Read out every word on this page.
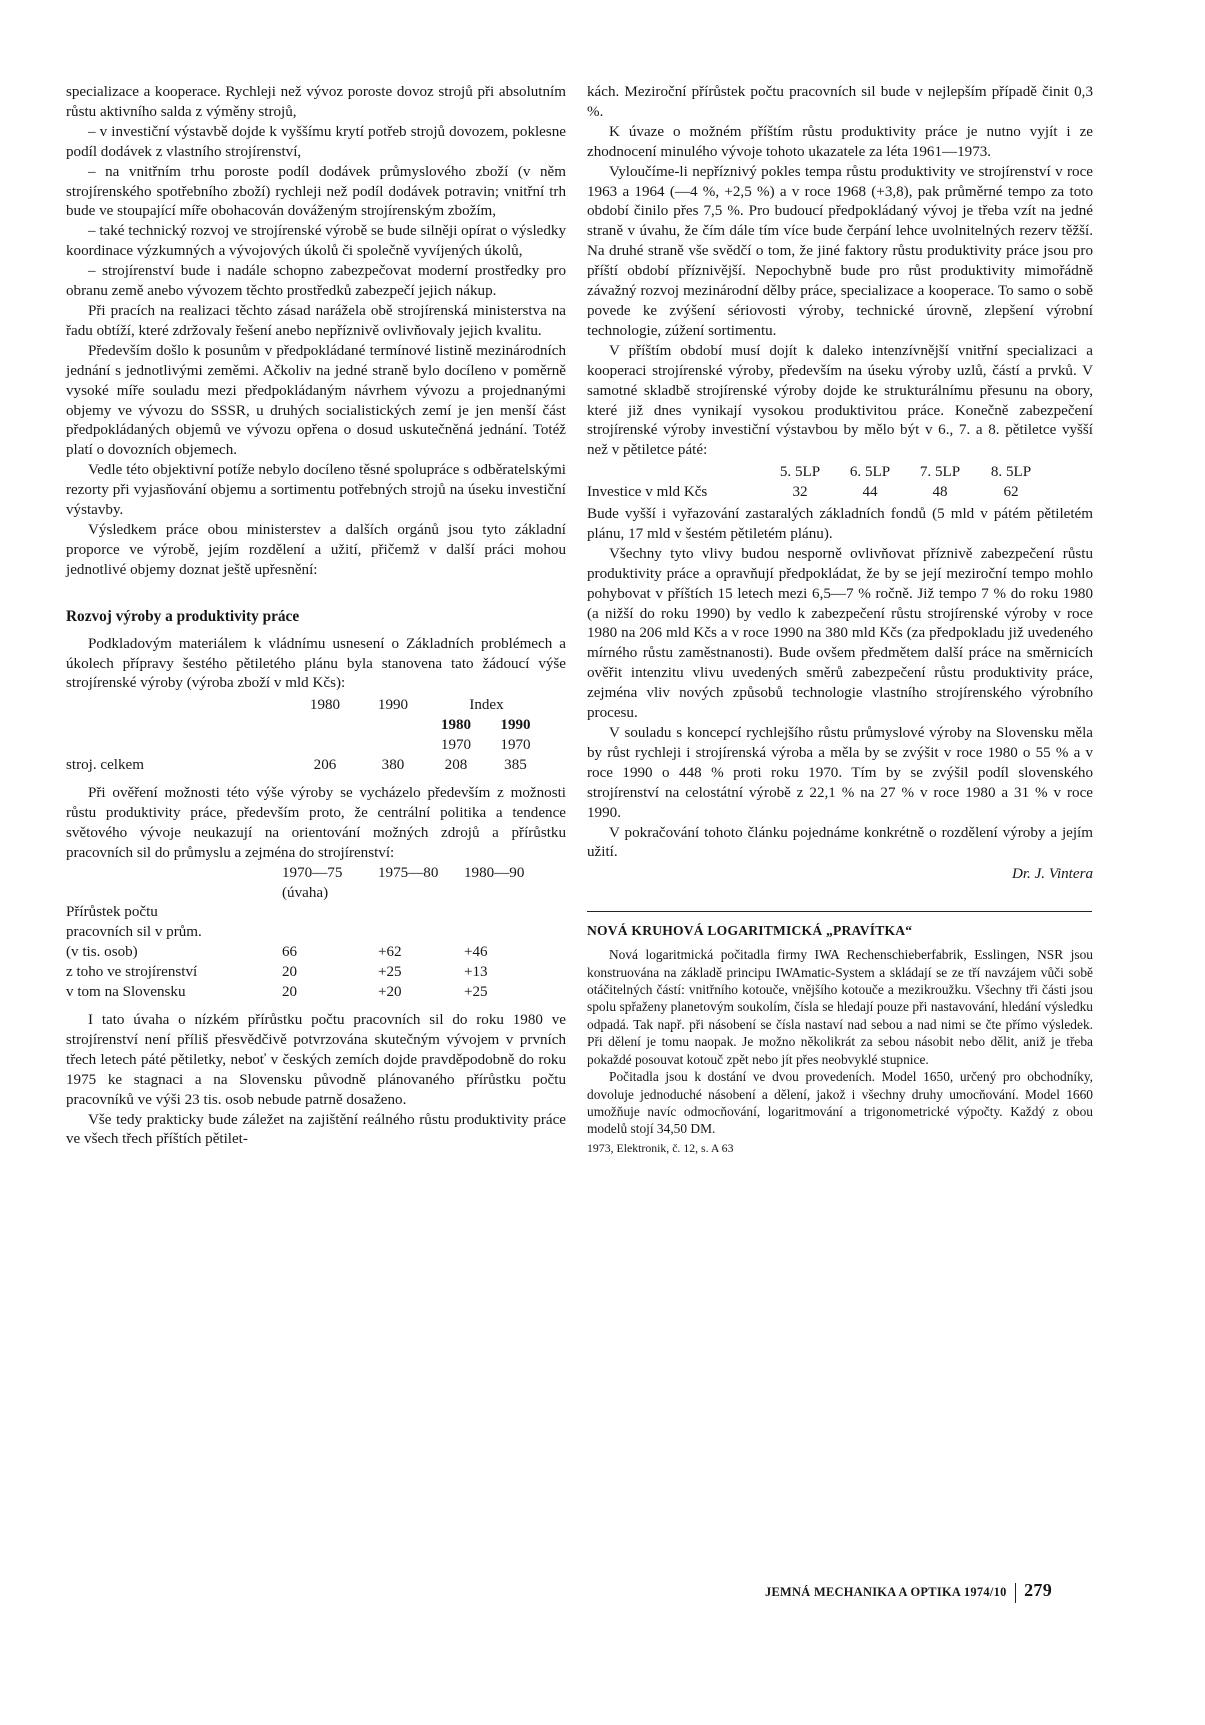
specializace a kooperace. Rychleji než vývoz poroste dovoz strojů při absolutním růstu aktivního salda z výměny strojů,

– v investiční výstavbě dojde k vyššímu krytí potřeb strojů dovozem, poklesne podíl dodávek z vlastního strojírenství,

– na vnitřním trhu poroste podíl dodávek průmyslového zboží (v něm strojírenského spotřebního zboží) rychleji než podíl dodávek potravin; vnitřní trh bude ve stoupající míře obohacován dováženým strojírenským zbožím,

– také technický rozvoj ve strojírenské výrobě se bude silněji opírat o výsledky koordinace výzkumných a vývojových úkolů či společně vyvíjených úkolů,

– strojírenství bude i nadále schopno zabezpečovat moderní prostředky pro obranu země anebo vývozem těchto prostředků zabezpečí jejich nákup.

Při pracích na realizaci těchto zásad narážela obě strojírenská ministerstva na řadu obtíží, které zdržovaly řešení anebo nepříznivě ovlivňovaly jejich kvalitu.

Především došlo k posunům v předpokládané termínové listině mezinárodních jednání s jednotlivými zeměmi. Ačkoliv na jedné straně bylo docíleno v poměrně vysoké míře souladu mezi předpokládaným návrhem vývozu a projednanými objemy ve vývozu do SSSR, u druhých socialistických zemí je jen menší část předpokládaných objemů ve vývozu opřena o dosud uskutečněná jednání. Totéž platí o dovozních objemech.

Vedle této objektivní potíže nebylo docíleno těsné spolupráce s odběratelskými rezorty při vyjasňování objemu a sortimentu potřebných strojů na úseku investiční výstavby.

Výsledkem práce obou ministerstev a dalších orgánů jsou tyto základní proporce ve výrobě, jejím rozdělení a užití, přičemž v další práci mohou jednotlivé objemy doznat ještě upřesnění:

Rozvoj výroby a produktivity práce

Podkladovým materiálem k vládnímu usnesení o Základních problémech a úkolech přípravy šestého pětiletého plánu byla stanovena tato žádoucí výše strojírenské výroby (výroba zboží v mld Kčs):

	1980	1990	Index	
			1980	1990
			1970	1970
stroj. celkem	206	380	208	385

Při ověření možnosti této výše výroby se vycházelo především z možnosti růstu produktivity práce, především proto, že centrální politika a tendence světového vývoje neukazují na orientování možných zdrojů a přírůstku pracovních sil do průmyslu a zejména do strojírenství:

	1970—75	1975—80	1980—90
	(úvaha)		
Přírůstek počtu			
pracovních sil v prům.			
(v tis. osob)	66	+62	+46
z toho ve strojírenství	20	+25	+13
v tom na Slovensku	20	+20	+25

I tato úvaha o nízkém přírůstku počtu pracovních sil do roku 1980 ve strojírenství není příliš přesvědčivě potvrzována skutečným vývojem v prvních třech letech páté pětiletky, neboť v českých zemích dojde pravděpodobně do roku 1975 ke stagnaci a na Slovensku původně plánovaného přírůstku počtu pracovníků ve výši 23 tis. osob nebude patrně dosaženo.

Vše tedy prakticky bude záležet na zajištění reálného růstu produktivity práce ve všech třech příštích pětilet-

kách. Meziroční přírůstek počtu pracovních sil bude v nejlepším případě činit 0,3 %.

K úvaze o možném příštím růstu produktivity práce je nutno vyjít i ze zhodnocení minulého vývoje tohoto ukazatele za léta 1961—1973.

Vyloučíme-li nepříznivý pokles tempa růstu produktivity ve strojírenství v roce 1963 a 1964 (—4 %, +2,5 %) a v roce 1968 (+3,8), pak průměrné tempo za toto období činilo přes 7,5 %. Pro budoucí předpokládaný vývoj je třeba vzít na jedné straně v úvahu, že čím dále tím více bude čerpání lehce uvolnitelných rezerv těžší. Na druhé straně vše svědčí o tom, že jiné faktory růstu produktivity práce jsou pro příští období příznivější. Nepochybně bude pro růst produktivity mimořádně závažný rozvoj mezinárodní dělby práce, specializace a kooperace. To samo o sobě povede ke zvýšení sériovosti výroby, technické úrovně, zlepšení výrobní technologie, zúžení sortimentu.

V příštím období musí dojít k daleko intenzívnější vnitřní specializaci a kooperaci strojírenské výroby, především na úseku výroby uzlů, částí a prvků. V samotné skladbě strojírenské výroby dojde ke strukturálnímu přesunu na obory, které již dnes vynikají vysokou produktivitou práce. Konečně zabezpečení strojírenské výroby investiční výstavbou by mělo být v 6., 7. a 8. pětiletce vyšší než v pětiletce páté:

	5. 5LP	6. 5LP	7. 5LP	8. 5LP
Investice v mld Kčs	32	44	48	62

Bude vyšší i vyřazování zastaralých základních fondů (5 mld v pátém pětiletém plánu, 17 mld v šestém pětiletém plánu).

Všechny tyto vlivy budou nesporně ovlivňovat příznivě zabezpečení růstu produktivity práce a opravňují předpokládat, že by se její meziroční tempo mohlo pohybovat v příštích 15 letech mezi 6,5—7 % ročně. Již tempo 7 % do roku 1980 (a nižší do roku 1990) by vedlo k zabezpečení růstu strojírenské výroby v roce 1980 na 206 mld Kčs a v roce 1990 na 380 mld Kčs (za předpokladu již uvedeného mírného růstu zaměstnanosti). Bude ovšem předmětem další práce na směrnicích ověřit intenzitu vlivu uvedených směrů zabezpečení růstu produktivity práce, zejména vliv nových způsobů technologie vlastního strojírenského výrobního procesu.

V souladu s koncepcí rychlejšího růstu průmyslové výroby na Slovensku měla by růst rychleji i strojírenská výroba a měla by se zvýšit v roce 1980 o 55 % a v roce 1990 o 448 % proti roku 1970. Tím by se zvýšil podíl slovenského strojírenství na celostátní výrobě z 22,1 % na 27 % v roce 1980 a 31 % v roce 1990.

V pokračování tohoto článku pojednáme konkrétně o rozdělení výroby a jejím užití.

Dr. J. Vintera

NOVÁ KRUHOVÁ LOGARITMICKÁ „PRAVÍTKA“

Nová logaritmická počitadla firmy IWA Rechenschieberfabrik, Esslingen, NSR jsou konstruována na základě principu IWAmatic-System a skládají se ze tří navzájem vůči sobě otáčitelných částí: vnitřního kotouče, vnějšího kotouče a mezikroužku. Všechny tři části jsou spolu spřaženy planetovým soukolím, čísla se hledají pouze při nastavování, hledání výsledku odpadá. Tak např. při násobení se čísla nastaví nad sebou a nad nimi se čte přímo výsledek. Při dělení je tomu naopak. Je možno několikrát za sebou násobit nebo dělit, aniž je třeba pokaždé posouvat kotouč zpět nebo jít přes neobvyklé stupnice.

Počitadla jsou k dostání ve dvou provedeních. Model 1650, určený pro obchodníky, dovoluje jednoduché násobení a dělení, jakož i všechny druhy umocňování. Model 1660 umožňuje navíc odmocňování, logaritmování a trigonometrické výpočty. Každý z obou modelů stojí 34,50 DM.

1973, Elektronik, č. 12, s. A 63

JEMNÁ MECHANIKA A OPTIKA 1974/10 279
